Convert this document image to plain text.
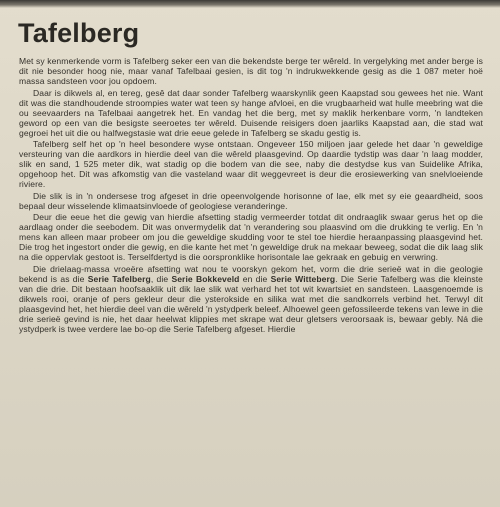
Tafelberg

Met sy kenmerkende vorm is Tafelberg seker een van die bekendste berge ter wêreld. In vergelyking met ander berge is dit nie besonder hoog nie, maar vanaf Tafelbaai gesien, is dit tog 'n indrukwekkende gesig as die 1 087 meter hoë massa sandsteen voor jou opdoem.

Daar is dikwels al, en tereg, gesê dat daar sonder Tafelberg waarskynlik geen Kaapstad sou gewees het nie. Want dit was die standhoudende stroompies water wat teen sy hange afvloei, en die vrugbaarheid wat hulle meebring wat die ou seevaarders na Tafelbaai aangetrek het. En vandag het die berg, met sy maklik herkenbare vorm, 'n landteken geword op een van die besigste seeroetes ter wêreld. Duisende reisigers doen jaarliks Kaapstad aan, die stad wat gegroei het uit die ou halfwegstasie wat drie eeue gelede in Tafelberg se skadu gestig is.

Tafelberg self het op 'n heel besondere wyse ontstaan. Ongeveer 150 miljoen jaar gelede het daar 'n geweldige versteuring van die aardkors in hierdie deel van die wêreld plaasgevind. Op daardie tydstip was daar 'n laag modder, slik en sand, 1 525 meter dik, wat stadig op die bodem van die see, naby die destydse kus van Suidelike Afrika, opgehoop het. Dit was afkomstig van die vasteland waar dit weggevreet is deur die erosiewerking van snelvloeiende riviere.

Die slik is in 'n ondersese trog afgeset in drie opeenvolgende horisonne of lae, elk met sy eie geaardheid, soos bepaal deur wisselende klimaatsinvloede of geologiese veranderinge.

Deur die eeue het die gewig van hierdie afsetting stadig vermeerder totdat dit ondraaglik swaar gerus het op die aardlaag onder die seebodem. Dit was onvermydelik dat 'n verandering sou plaasvind om die drukking te verlig. En 'n mens kan alleen maar probeer om jou die geweldige skudding voor te stel toe hierdie heraanpassing plaasgevind het. Die trog het ingestort onder die gewig, en die kante het met 'n geweldige druk na mekaar beweeg, sodat die dik laag slik na die oppervlak gestoot is. Terselfdertyd is die oorspronklike horisontale lae gekraak en gebuig en verwring.

Die drielaag-massa vroeëre afsetting wat nou te voorskyn gekom het, vorm die drie serieë wat in die geologie bekend is as die Serie Tafelberg, die Serie Bokkeveld en die Serie Witteberg. Die Serie Tafelberg was die kleinste van die drie. Dit bestaan hoofsaaklik uit dik lae slik wat verhard het tot wit kwartsiet en sandsteen. Laasgenoemde is dikwels rooi, oranje of pers gekleur deur die ysterokside en silika wat met die sandkorrels verbind het. Terwyl dit plaasgevind het, het hierdie deel van die wêreld 'n ystydperk beleef. Alhoewel geen gefossileerde tekens van lewe in die drie serieë gevind is nie, het daar heelwat klippies met skrape wat deur gletsers veroorsaak is, bewaar gebly. Ná die ystydperk is twee verdere lae bo-op die Serie Tafelberg afgeset. Hierdie
